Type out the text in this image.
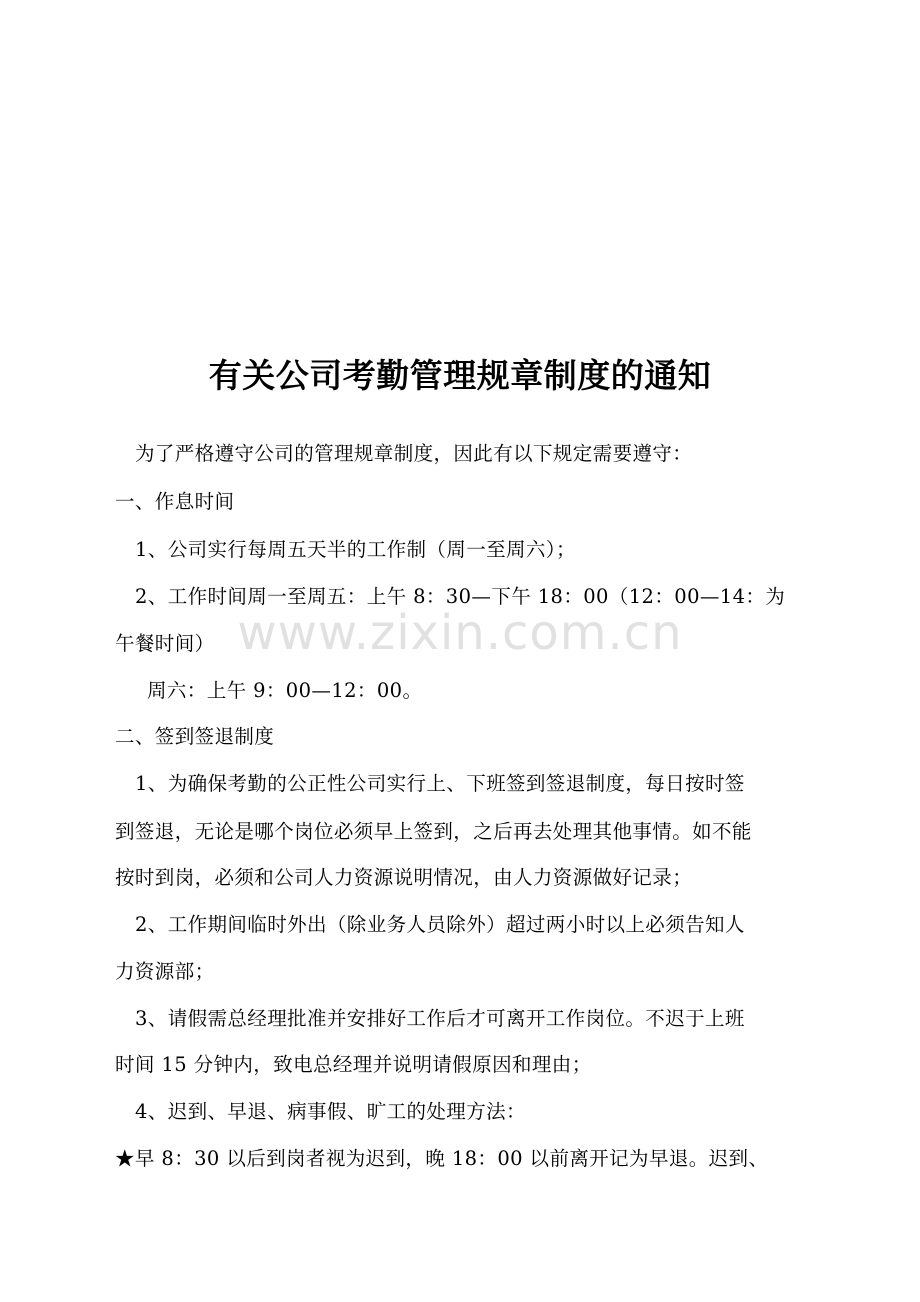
有关公司考勤管理规章制度的通知
为了严格遵守公司的管理规章制度，因此有以下规定需要遵守：
一、作息时间
1、公司实行每周五天半的工作制（周一至周六）；
2、工作时间周一至周五：上午 8：30—下午 18：00（12：00—14：为
午餐时间）
周六：上午 9：00—12：00。
二、签到签退制度
1、为确保考勤的公正性公司实行上、下班签到签退制度，每日按时签
到签退，无论是哪个岗位必须早上签到，之后再去处理其他事情。如不能
按时到岗，必须和公司人力资源说明情况，由人力资源做好记录；
2、工作期间临时外出（除业务人员除外）超过两小时以上必须告知人
力资源部；
3、请假需总经理批准并安排好工作后才可离开工作岗位。不迟于上班
时间 15 分钟内，致电总经理并说明请假原因和理由；
4、迟到、早退、病事假、旷工的处理方法：
★早 8：30 以后到岗者视为迟到，晚 18：00 以前离开记为早退。迟到、
www.zixin.com.cn
